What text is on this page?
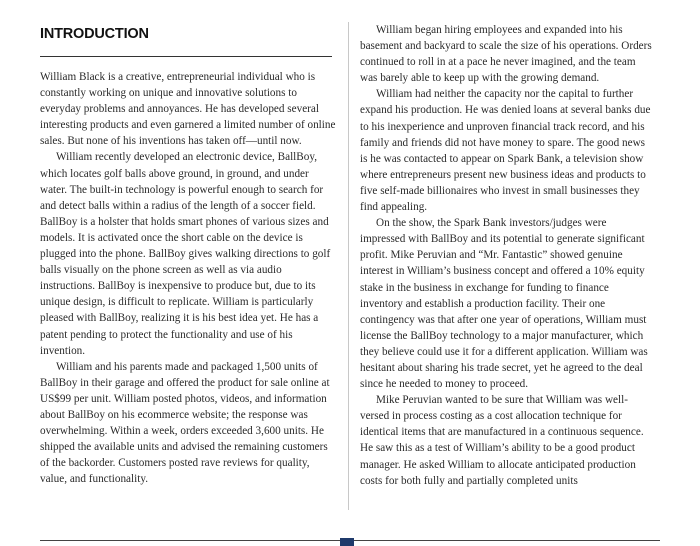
INTRODUCTION

William Black is a creative, entrepreneurial individual who is constantly working on unique and innovative solutions to everyday problems and annoyances. He has developed several interesting products and even garnered a limited number of online sales. But none of his inventions has taken off—until now.

William recently developed an electronic device, BallBoy, which locates golf balls above ground, in ground, and under water. The built-in technology is powerful enough to search for and detect balls within a radius of the length of a soccer field. BallBoy is a holster that holds smart phones of various sizes and models. It is activated once the short cable on the device is plugged into the phone. BallBoy gives walking directions to golf balls visually on the phone screen as well as via audio instructions. BallBoy is inexpensive to produce but, due to its unique design, is difficult to replicate. William is particularly pleased with BallBoy, realizing it is his best idea yet. He has a patent pending to protect the functionality and use of his invention.

William and his parents made and packaged 1,500 units of BallBoy in their garage and offered the product for sale online at US$99 per unit. William posted photos, videos, and information about BallBoy on his ecommerce website; the response was overwhelming. Within a week, orders exceeded 3,600 units. He shipped the available units and advised the remaining customers of the backorder. Customers posted rave reviews for quality, value, and functionality.

William began hiring employees and expanded into his basement and backyard to scale the size of his operations. Orders continued to roll in at a pace he never imagined, and the team was barely able to keep up with the growing demand.

William had neither the capacity nor the capital to further expand his production. He was denied loans at several banks due to his inexperience and unproven financial track record, and his family and friends did not have money to spare. The good news is he was contacted to appear on Spark Bank, a television show where entrepreneurs present new business ideas and products to five self-made billionaires who invest in small businesses they find appealing.

On the show, the Spark Bank investors/judges were impressed with BallBoy and its potential to generate significant profit. Mike Peruvian and “Mr. Fantastic” showed genuine interest in William’s business concept and offered a 10% equity stake in the business in exchange for funding to finance inventory and establish a production facility. Their one contingency was that after one year of operations, William must license the BallBoy technology to a major manufacturer, which they believe could use it for a different application. William was hesitant about sharing his trade secret, yet he agreed to the deal since he needed to money to proceed.

Mike Peruvian wanted to be sure that William was well-versed in process costing as a cost allocation technique for identical items that are manufactured in a continuous sequence. He saw this as a test of William’s ability to be a good product manager. He asked William to allocate anticipated production costs for both fully and partially completed units
